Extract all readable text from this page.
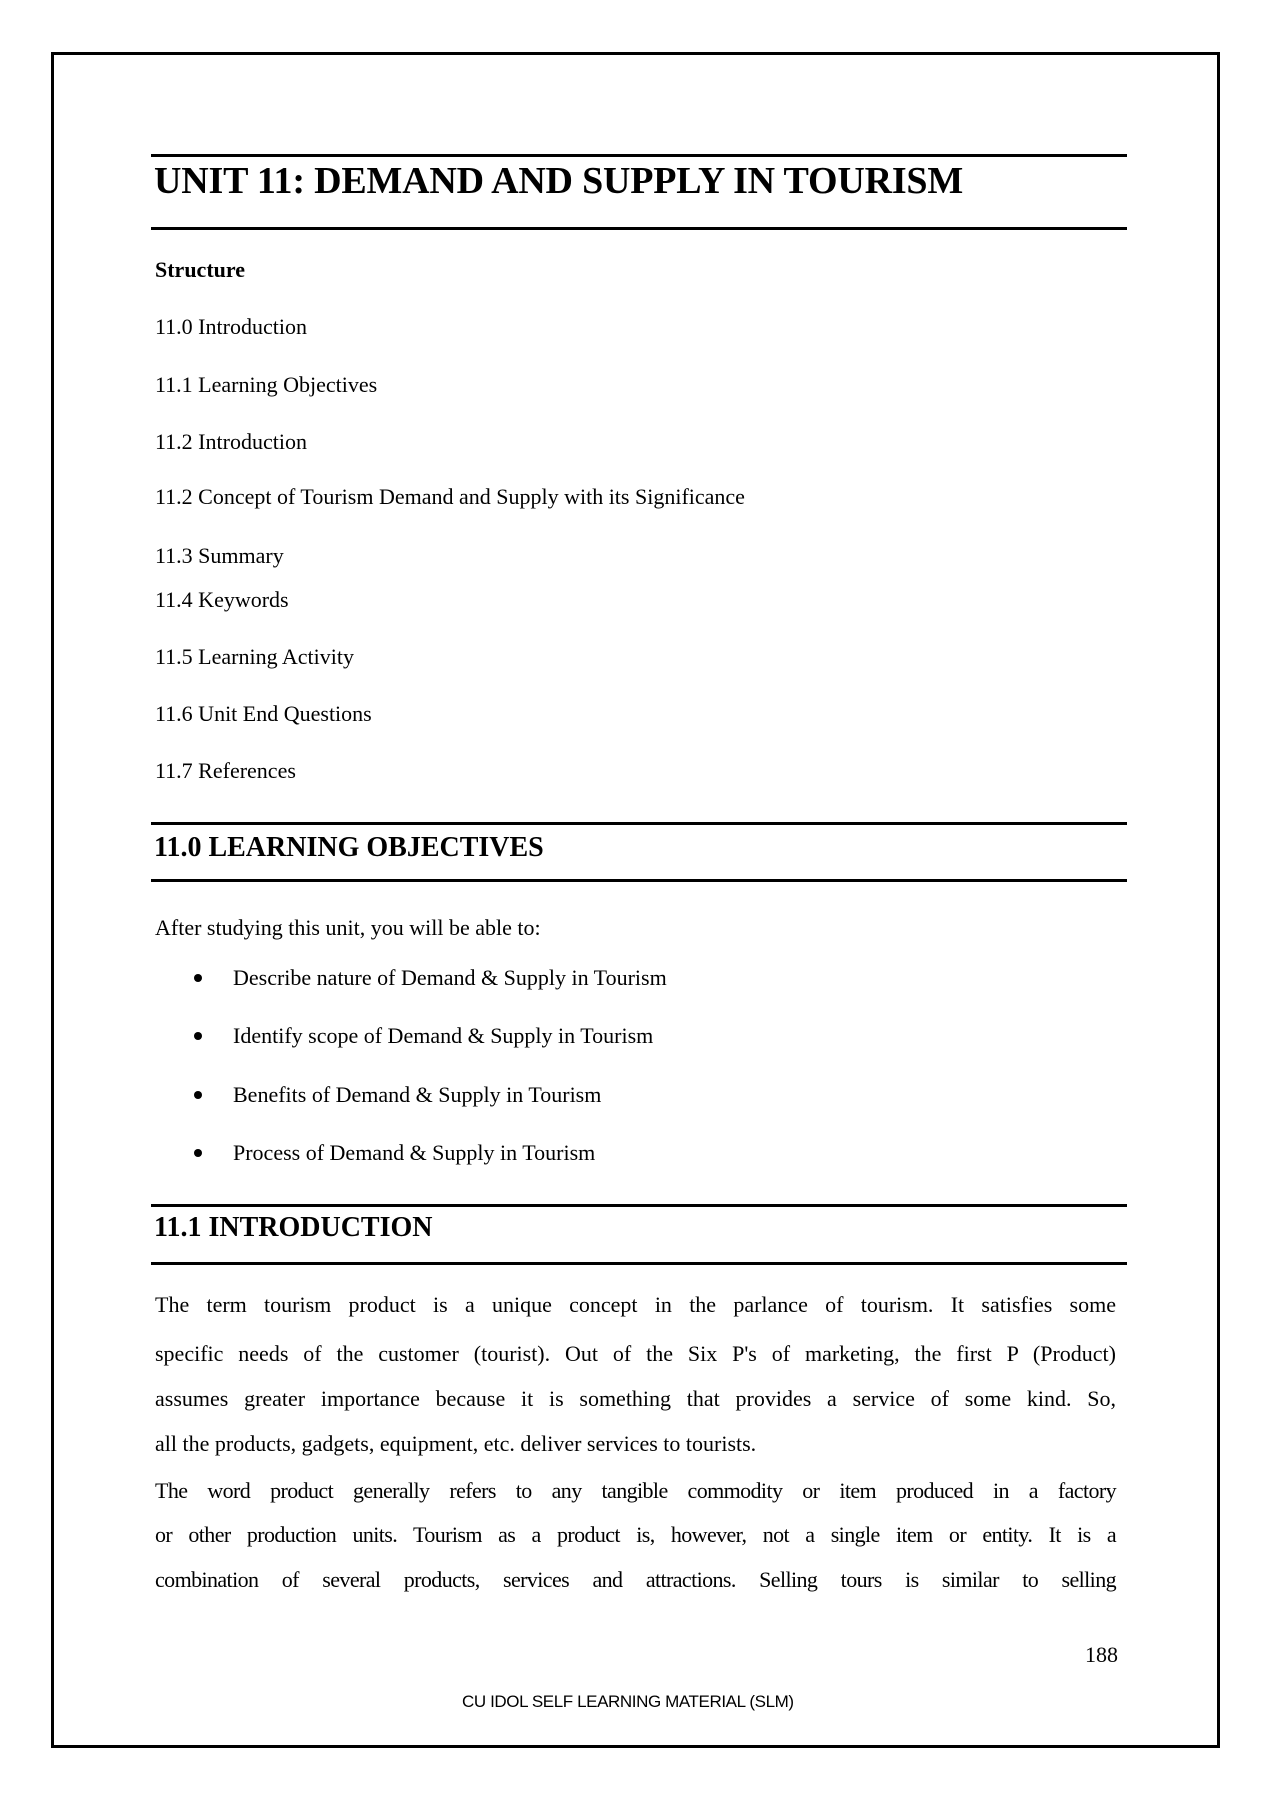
UNIT 11: DEMAND AND SUPPLY IN TOURISM
Structure
11.0 Introduction
11.1 Learning Objectives
11.2 Introduction
11.2 Concept of Tourism Demand and Supply with its Significance
11.3 Summary
11.4 Keywords
11.5 Learning Activity
11.6 Unit End Questions
11.7 References
11.0 LEARNING OBJECTIVES
After studying this unit, you will be able to:
Describe nature of Demand & Supply in Tourism
Identify scope of Demand & Supply in Tourism
Benefits of Demand & Supply in Tourism
Process of Demand & Supply in Tourism
11.1 INTRODUCTION
The term tourism product is a unique concept in the parlance of tourism. It satisfies some
specific needs of the customer (tourist). Out of the Six P's of marketing, the first P (Product)
assumes greater importance because it is something that provides a service of some kind. So,
all the products, gadgets, equipment, etc. deliver services to tourists.
The word product generally refers to any tangible commodity or item produced in a factory
or other production units. Tourism as a product is, however, not a single item or entity. It is a
combination of several products, services and attractions. Selling tours is similar to selling
188
CU IDOL SELF LEARNING MATERIAL (SLM)
